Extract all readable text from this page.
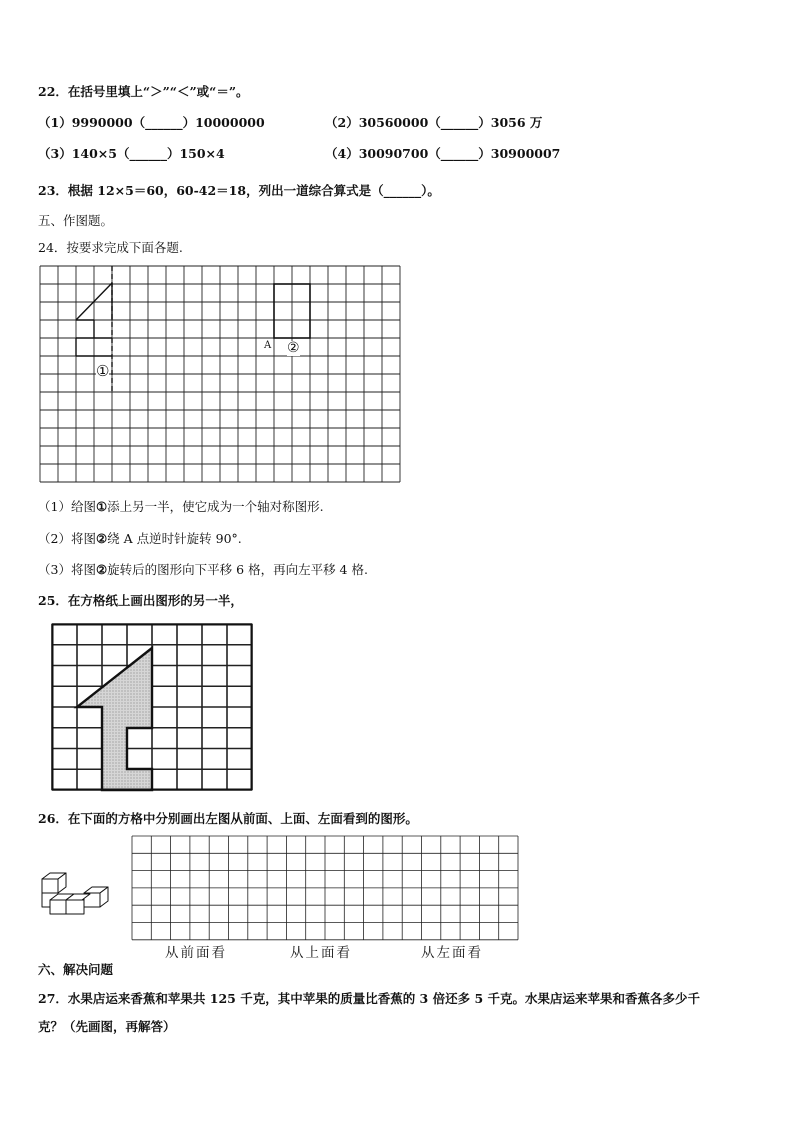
22．在括号里填上“＞”“＜”或“＝”。
（1）9990000（______）10000000	（2）30560000（______）3056 万
（3）140×5（______）150×4	（4）30090700（______）30900007
23．根据 12×5＝60，60-42＝18，列出一道综合算式是（______）。
五、作图题。
24．按要求完成下面各题.
A ②
①
（1）给图①添上另一半，使它成为一个轴对称图形.
（2）将图②绕 A 点逆时针旋转 90°.
（3）将图②旋转后的图形向下平移 6 格，再向左平移 4 格.
25．在方格纸上画出图形的另一半，
26．在下面的方格中分别画出左图从前面、上面、左面看到的图形。
从前面看	从上面看	从左面看
六、解决问题
27．水果店运来香蕉和苹果共 125 千克，其中苹果的质量比香蕉的 3 倍还多 5 千克。水果店运来苹果和香蕉各多少千
克？（先画图，再解答）
